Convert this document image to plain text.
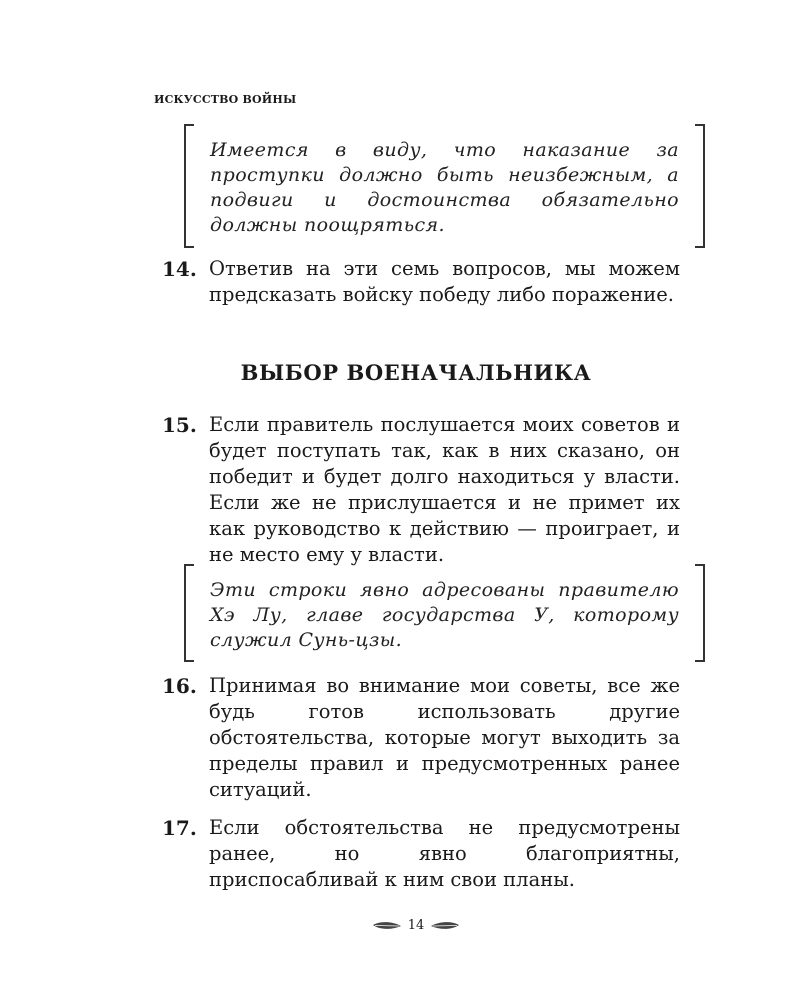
ИСКУССТВО ВОЙНЫ
Имеется в виду, что наказание за проступки должно быть неизбежным, а подвиги и достоинства обязательно должны поощряться.
14. Ответив на эти семь вопросов, мы можем предсказать войску победу либо поражение.
ВЫБОР ВОЕНАЧАЛЬНИКА
15. Если правитель послушается моих советов и будет поступать так, как в них сказано, он победит и будет долго находиться у власти. Если же не прислушается и не примет их как руководство к действию — проиграет, и не место ему у власти.
Эти строки явно адресованы правителю Хэ Лу, главе государства У, которому служил Сунь-цзы.
16. Принимая во внимание мои советы, все же будь готов использовать другие обстоятельства, которые могут выходить за пределы правил и предусмотренных ранее ситуаций.
17. Если обстоятельства не предусмотрены ранее, но явно благоприятны, приспосабливай к ним свои планы.
14
